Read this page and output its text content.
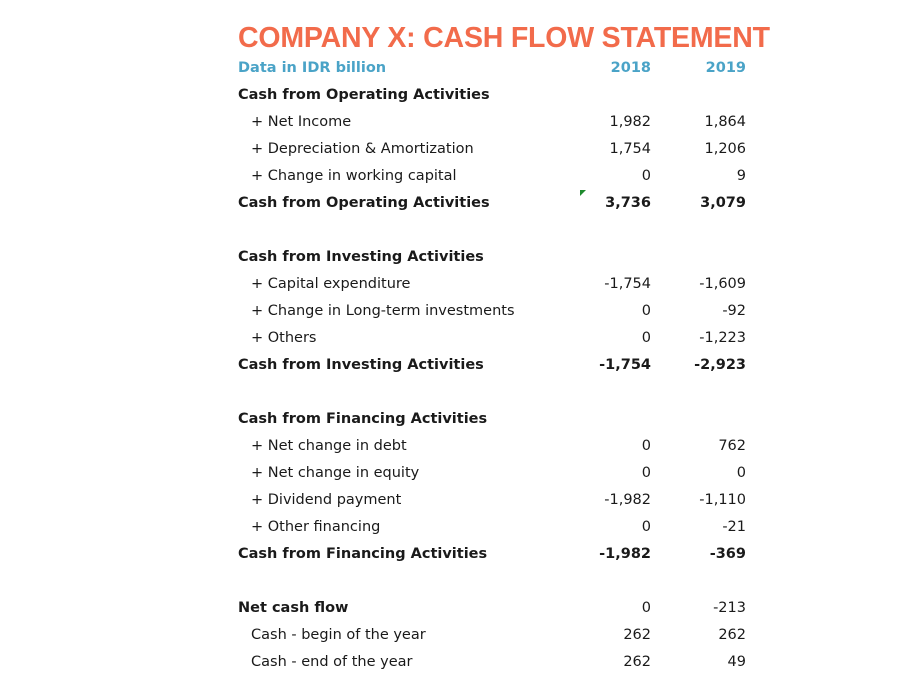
COMPANY X: CASH FLOW STATEMENT
Data in IDR billion	2018	2019
Cash from Operating Activities
+ Net Income	1,982	1,864
+ Depreciation & Amortization	1,754	1,206
+ Change in working capital	0	9
Cash from Operating Activities	3,736	3,079
Cash from Investing Activities
+ Capital expenditure	-1,754	-1,609
+ Change in Long-term investments	0	-92
+ Others	0	-1,223
Cash from Investing Activities	-1,754	-2,923
Cash from Financing Activities
+ Net change in debt	0	762
+ Net change in equity	0	0
+ Dividend payment	-1,982	-1,110
+ Other financing	0	-21
Cash from Financing Activities	-1,982	-369
Net cash flow	0	-213
Cash - begin of the year	262	262
Cash - end of the year	262	49
